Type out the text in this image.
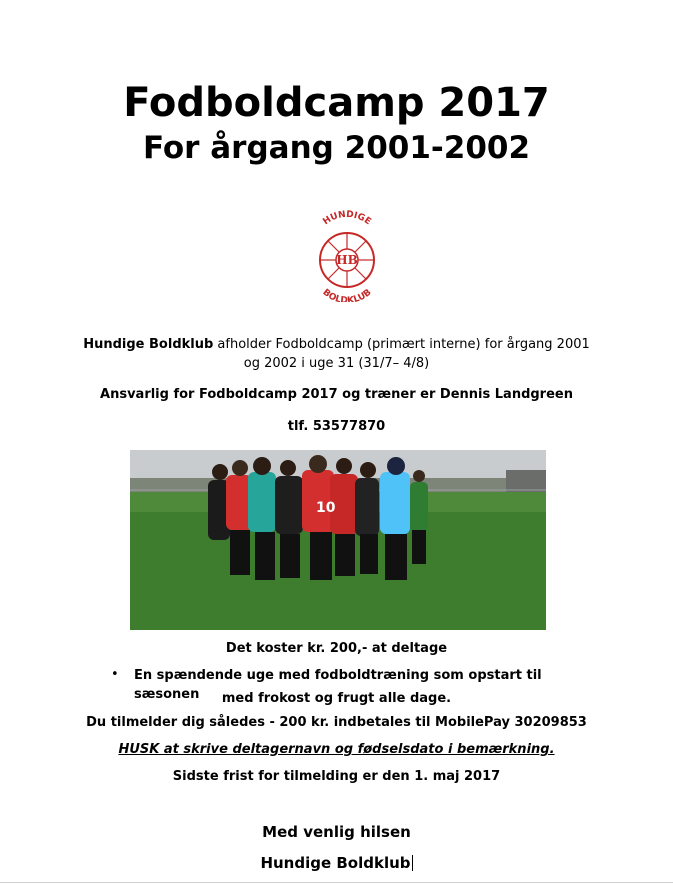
Fodboldcamp 2017
For årgang 2001-2002
HB
HUNDIGE
BOLDKLUB

Hundige Boldklub afholder Fodboldcamp (primært interne) for årgang 2001

og 2002 i uge 31 (31/7– 4/8)

Ansvarlig for Fodboldcamp 2017 og træner er Dennis Landgreen

tlf. 53577870

10

Det koster kr. 200,- at deltage

• En spændende uge med fodboldtræning som opstart til sæsonen	med frokost og frugt alle dage.

Du tilmelder dig således - 200 kr. indbetales til MobilePay 30209853

HUSK at skrive deltagernavn og fødselsdato i bemærkning.

Sidste frist for tilmelding er den 1. maj 2017

Med venlig hilsen

Hundige Boldklub
